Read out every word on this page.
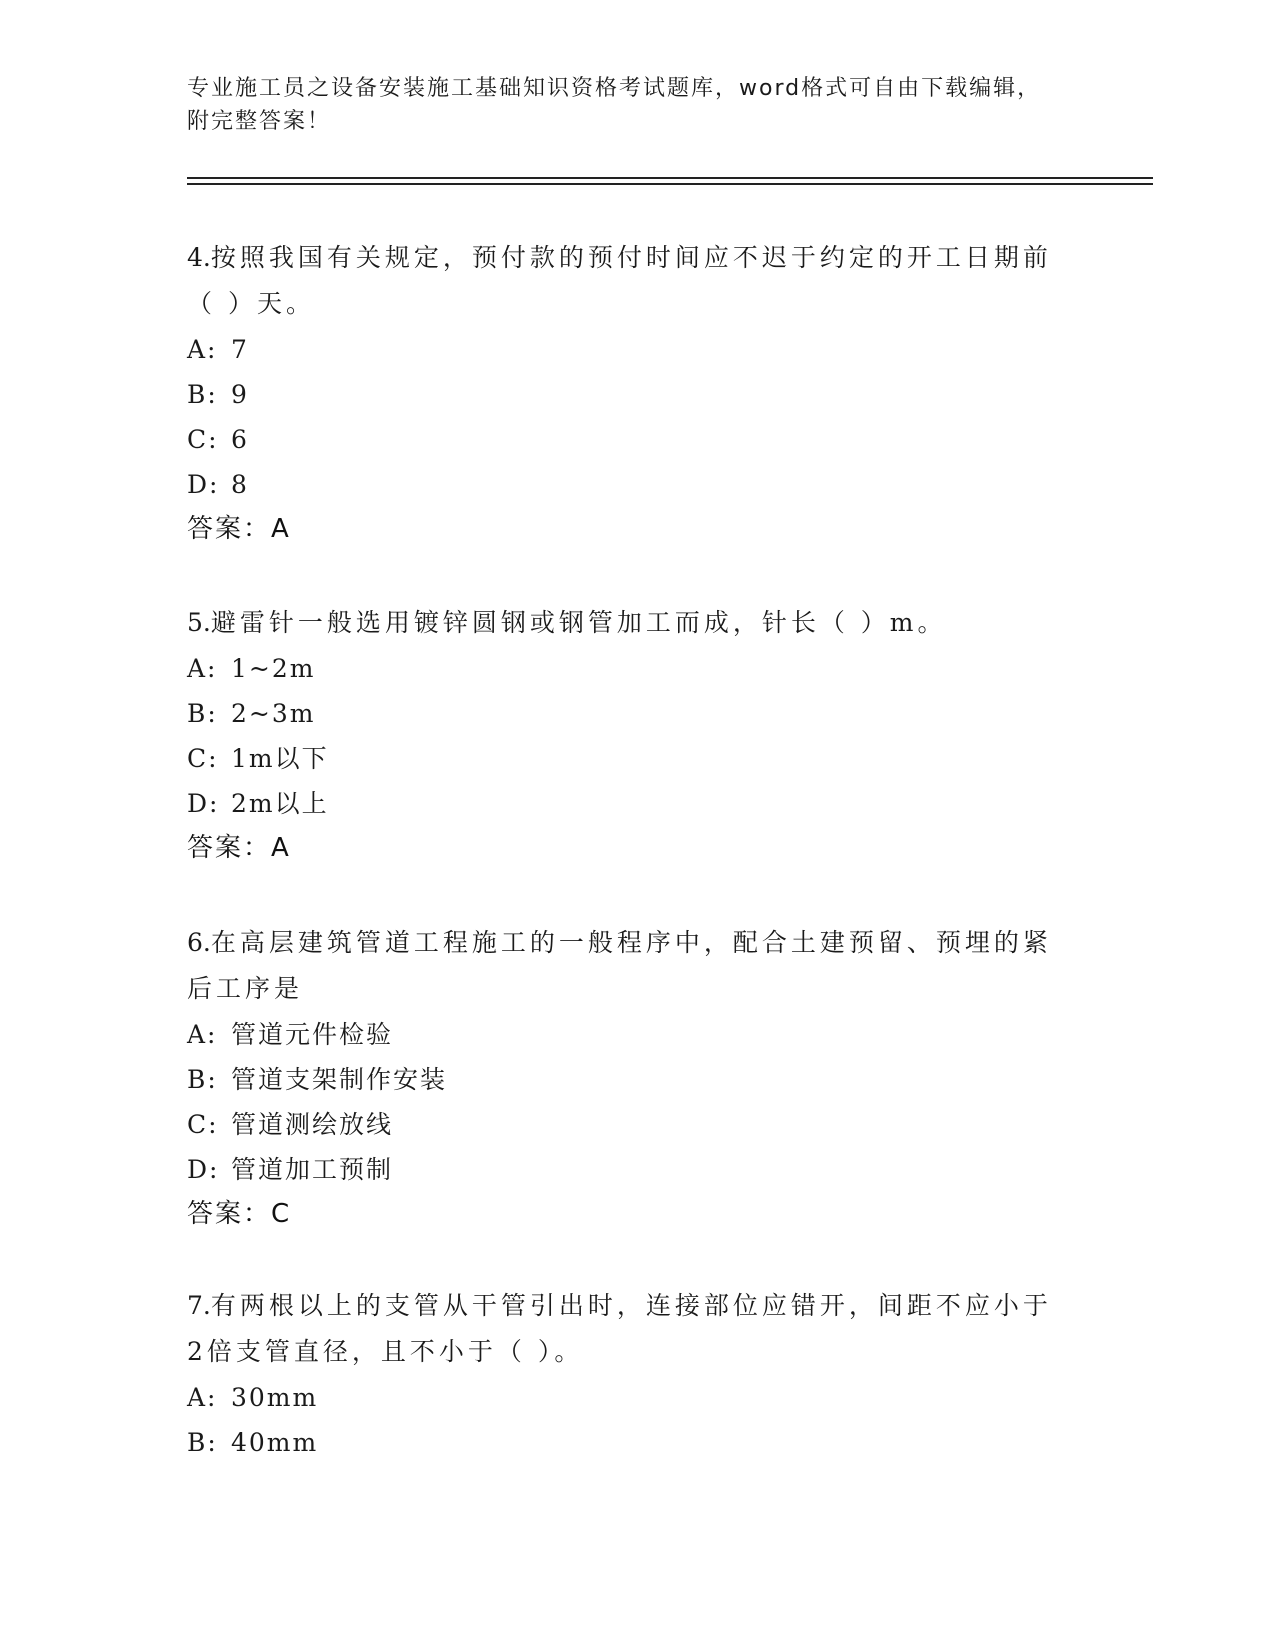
专业施工员之设备安装施工基础知识资格考试题库，word格式可自由下载编辑，
附完整答案！
4.按照我国有关规定，预付款的预付时间应不迟于约定的开工日期前
（ ）天。
A: 7
B: 9
C: 6
D: 8
答案：A
5.避雷针一般选用镀锌圆钢或钢管加工而成，针长（ ）m。
A: 1~2m
B: 2~3m
C: 1m以下
D: 2m以上
答案：A
6.在高层建筑管道工程施工的一般程序中，配合土建预留、预埋的紧
后工序是
A: 管道元件检验
B: 管道支架制作安装
C: 管道测绘放线
D: 管道加工预制
答案：C
7.有两根以上的支管从干管引出时，连接部位应错开，间距不应小于
2倍支管直径，且不小于（ ）。
A: 30mm
B: 40mm
